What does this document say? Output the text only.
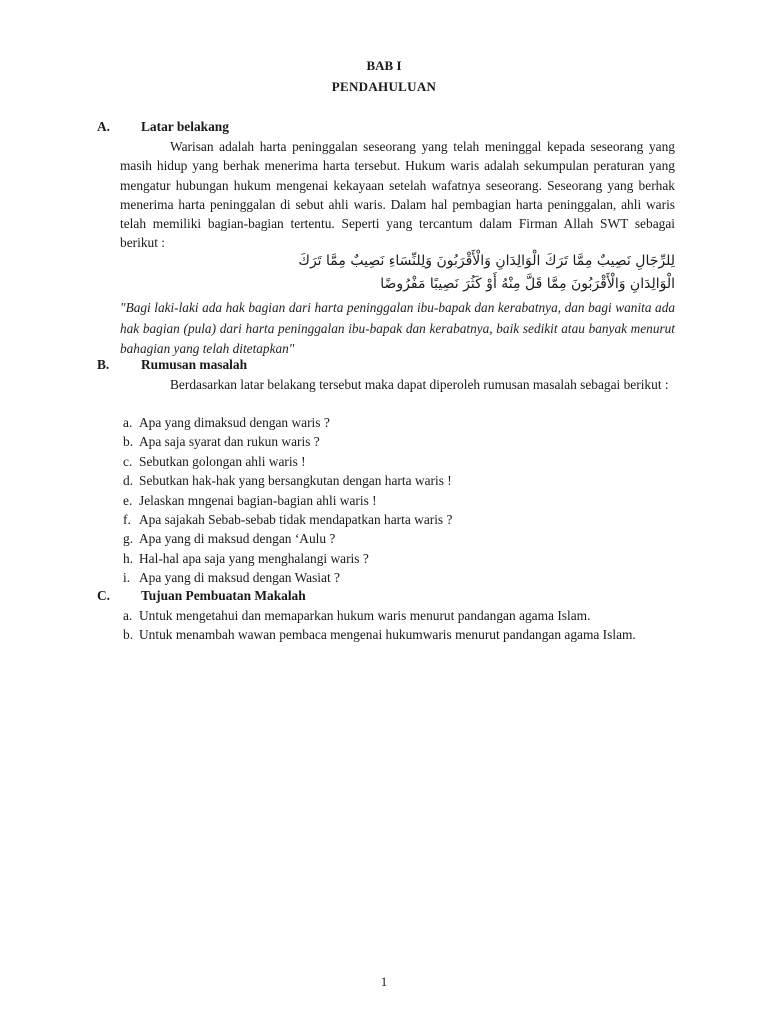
BAB I
PENDAHULUAN
A. Latar belakang
Warisan adalah harta peninggalan seseorang yang telah meninggal kepada seseorang yang masih hidup yang berhak menerima harta tersebut. Hukum waris adalah sekumpulan peraturan yang mengatur hubungan hukum mengenai kekayaan setelah wafatnya seseorang. Seseorang yang berhak menerima harta peninggalan di sebut ahli waris. Dalam hal pembagian harta peninggalan, ahli waris telah memiliki bagian-bagian tertentu. Seperti yang tercantum dalam Firman Allah SWT sebagai berikut :
لِلرِّجَالِ نَصِيبٌ مِمَّا تَرَكَ الْوَالِدَانِ وَالْأَقْرَبُونَ وَلِلنِّسَاءِ نَصِيبٌ مِمَّا تَرَكَ
الْوَالِدَانِ وَالْأَقْرَبُونَ مِمَّا قَلَّ مِنْهُ أَوْ كَثُرَ نَصِيبًا مَفْرُوضًا
"Bagi laki-laki ada hak bagian dari harta peninggalan ibu-bapak dan kerabatnya, dan bagi wanita ada hak bagian (pula) dari harta peninggalan ibu-bapak dan kerabatnya, baik sedikit atau banyak menurut bahagian yang telah ditetapkan"
B. Rumusan masalah
Berdasarkan latar belakang tersebut maka dapat diperoleh rumusan masalah sebagai berikut :
a. Apa yang dimaksud dengan waris ?
b. Apa saja syarat dan rukun waris ?
c. Sebutkan golongan ahli waris !
d. Sebutkan hak-hak yang bersangkutan dengan harta waris !
e. Jelaskan mngenai bagian-bagian ahli waris !
f. Apa sajakah Sebab-sebab tidak mendapatkan harta waris ?
g. Apa yang di maksud dengan ‘Aulu ?
h. Hal-hal apa saja yang menghalangi waris ?
i. Apa yang di maksud dengan Wasiat ?
C. Tujuan Pembuatan Makalah
a. Untuk mengetahui dan memaparkan hukum waris menurut pandangan agama Islam.
b. Untuk menambah wawan pembaca mengenai hukumwaris menurut pandangan agama Islam.
1
